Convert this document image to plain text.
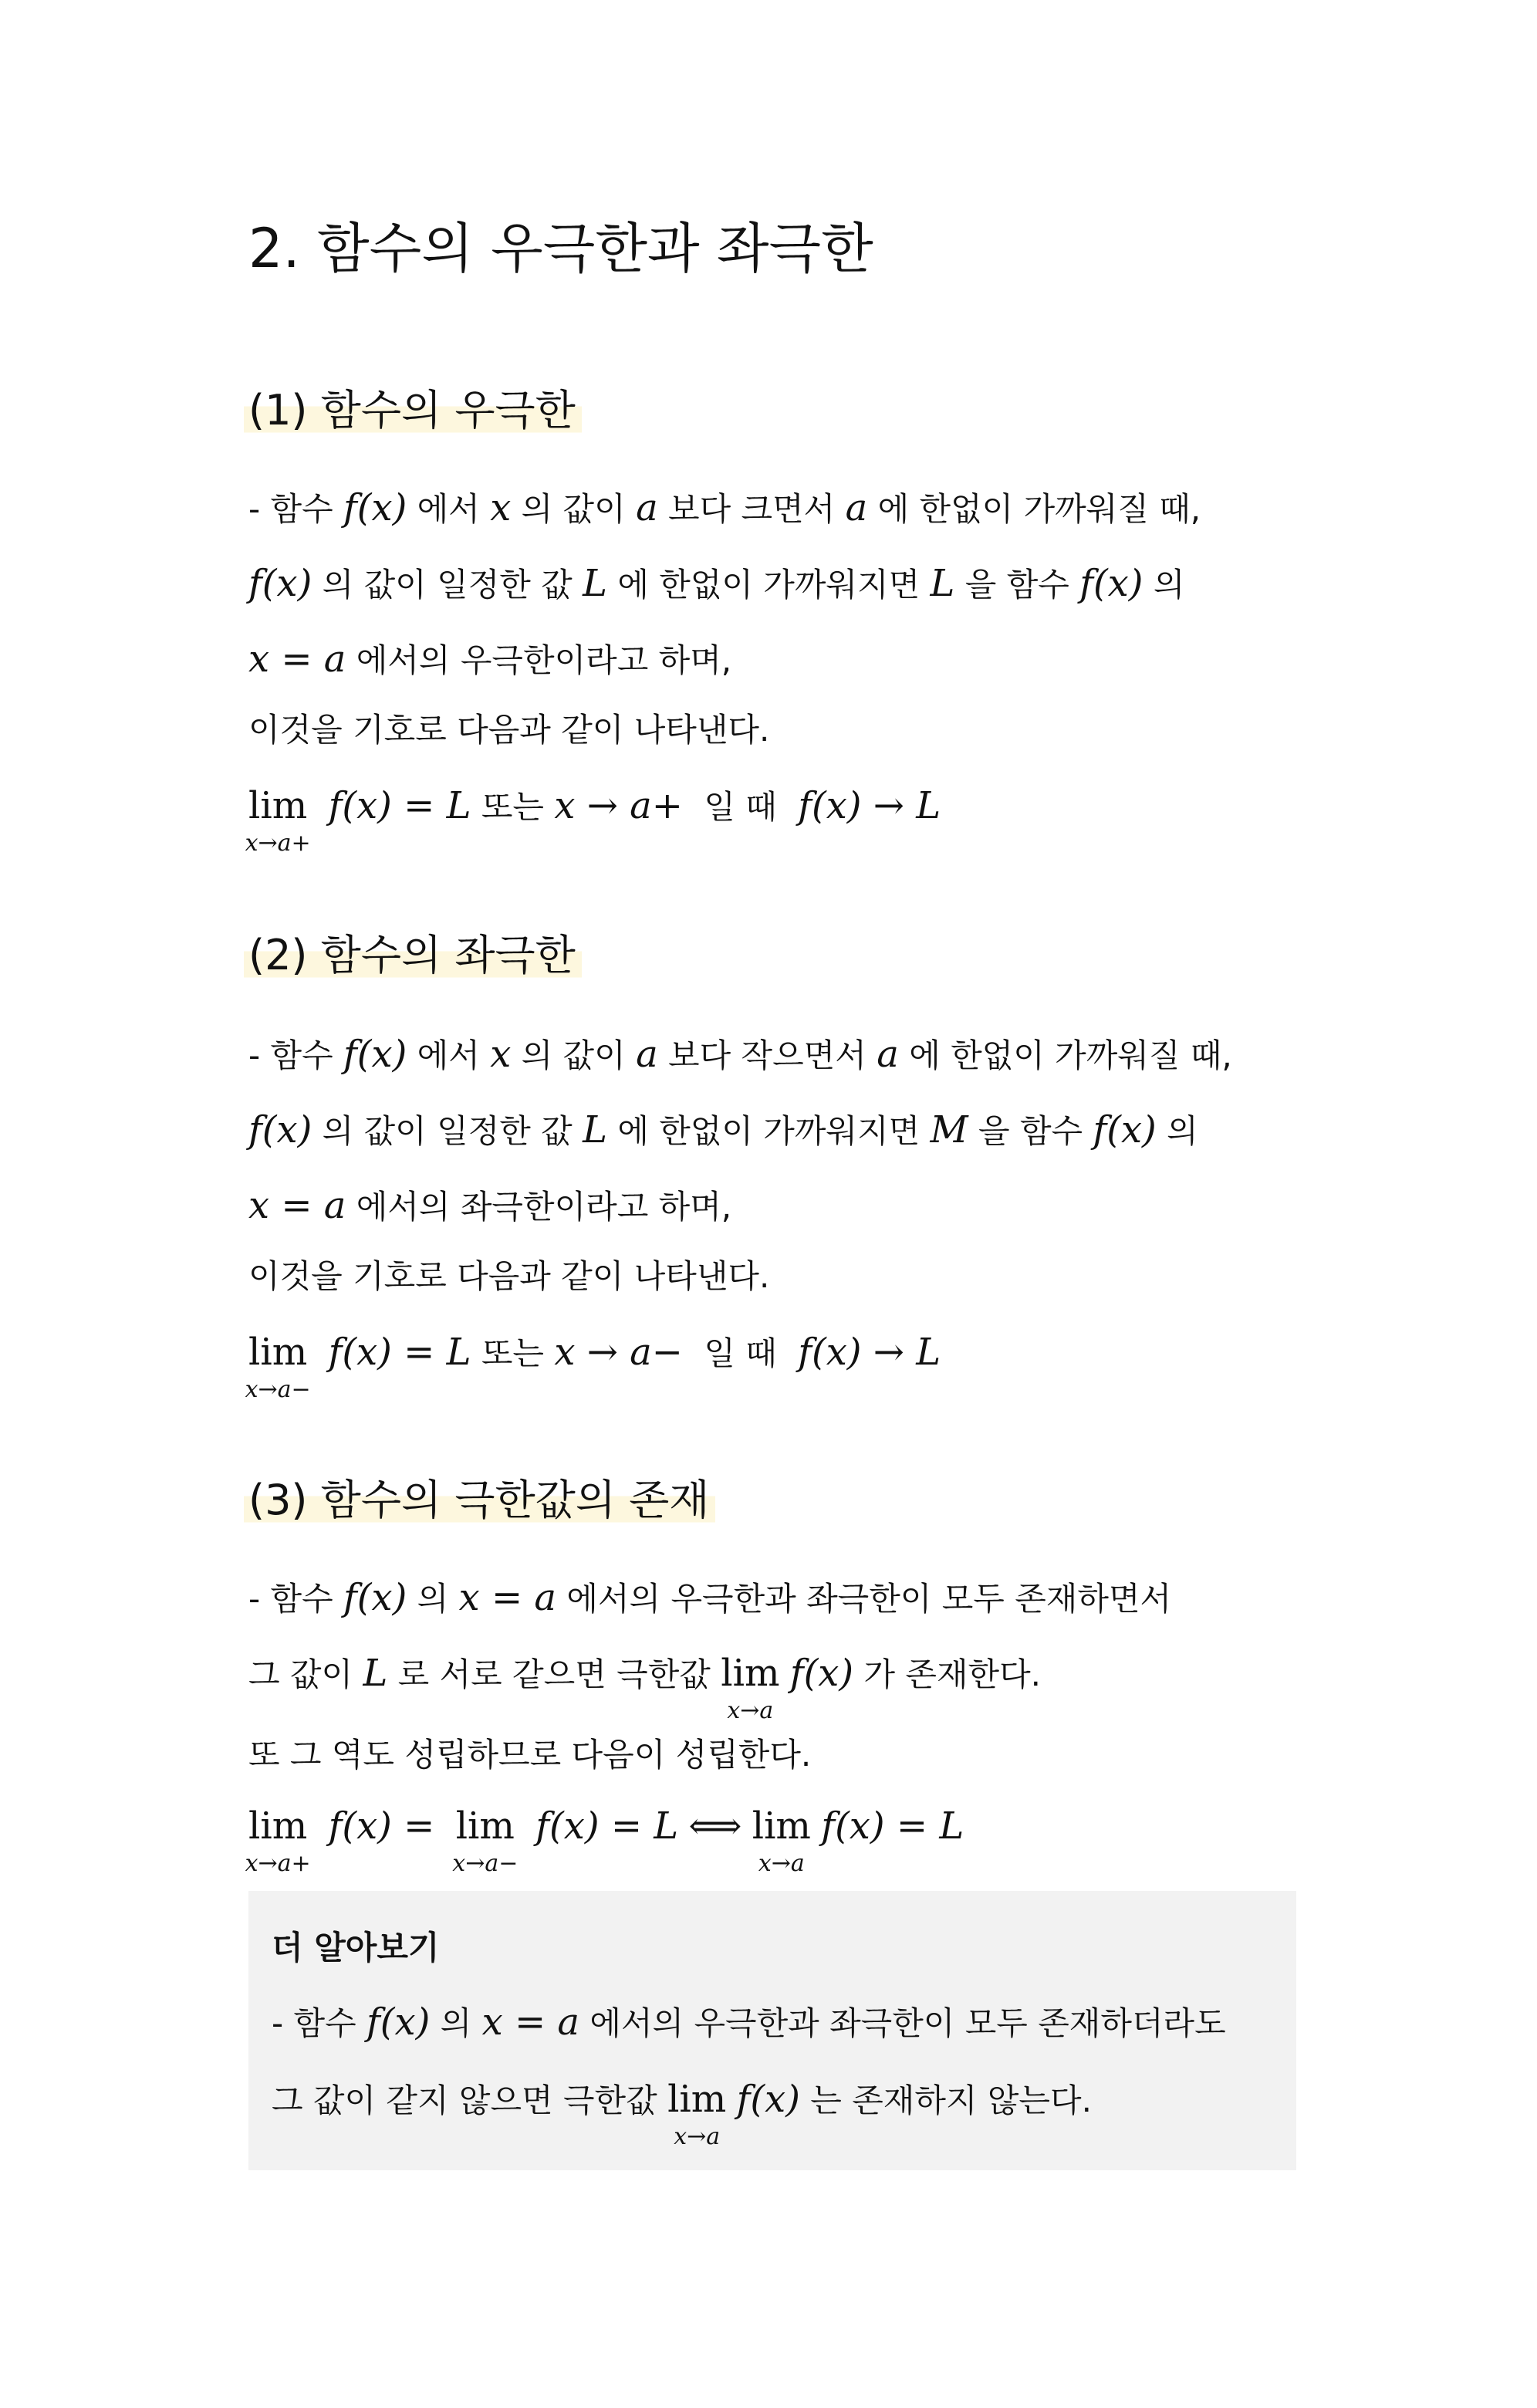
2. 함수의 우극한과 좌극한
(1) 함수의 우극한
- 함수 f(x) 에서 x 의 값이 a 보다 크면서 a 에 한없이 가까워질 때,
f(x) 의 값이 일정한 값 L 에 한없이 가까워지면 L 을 함수 f(x) 의
x = a 에서의 우극한이라고 하며,
이것을 기호로 다음과 같이 나타낸다.
lim
x→a+
f(x) = L 또는 x → a+ 일 때 f(x) → L
(2) 함수의 좌극한
- 함수 f(x) 에서 x 의 값이 a 보다 작으면서 a 에 한없이 가까워질 때,
f(x) 의 값이 일정한 값 L 에 한없이 가까워지면 M 을 함수 f(x) 의
x = a 에서의 좌극한이라고 하며,
이것을 기호로 다음과 같이 나타낸다.
lim
x→a−
f(x) = L 또는 x → a− 일 때 f(x) → L
(3) 함수의 극한값의 존재
- 함수 f(x) 의 x = a 에서의 우극한과 좌극한이 모두 존재하면서
그 값이 L 로 서로 같으면 극한값 lim
x→a
f(x) 가 존재한다.
또 그 역도 성립하므로 다음이 성립한다.
lim
x→a+
f(x) = lim
x→a−
f(x) = L ⟺ lim
x→a
f(x) = L
더 알아보기
- 함수 f(x) 의 x = a 에서의 우극한과 좌극한이 모두 존재하더라도
그 값이 같지 않으면 극한값 lim
x→a
f(x) 는 존재하지 않는다.
